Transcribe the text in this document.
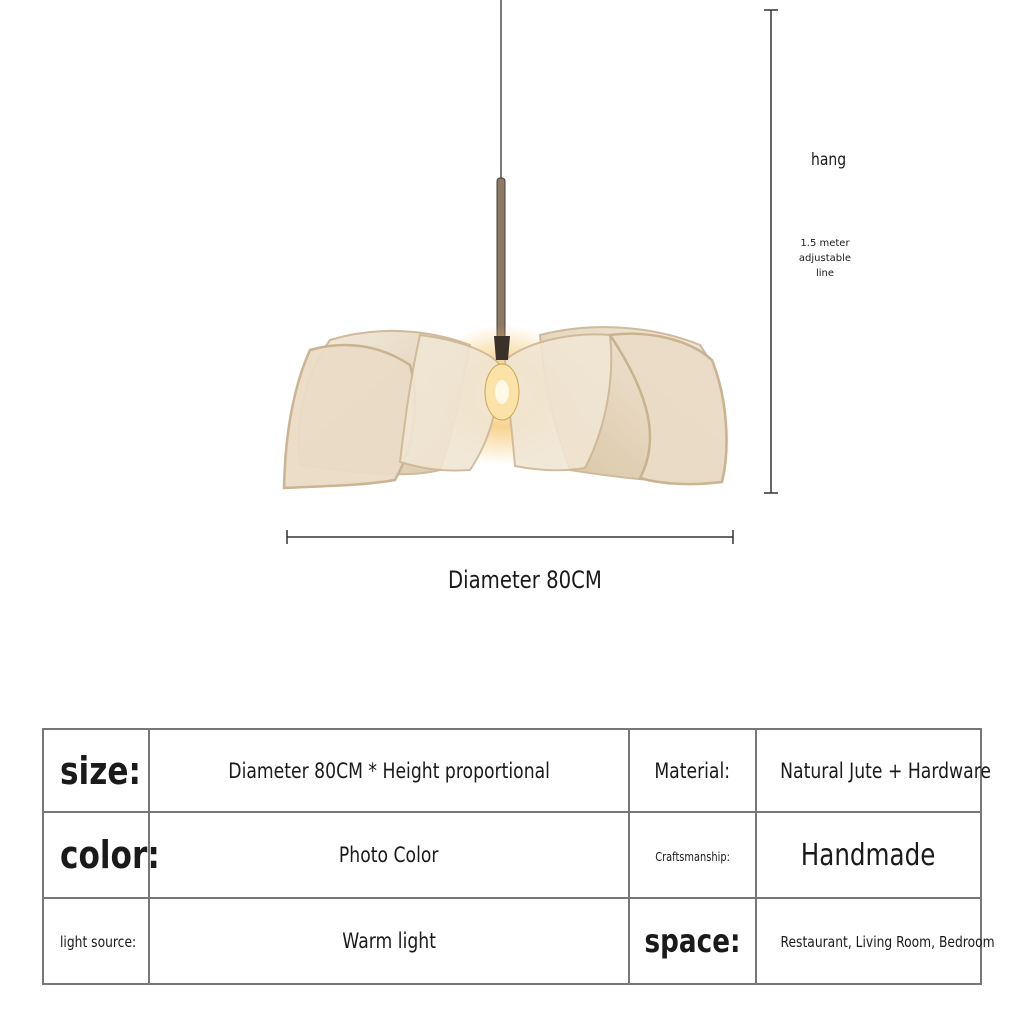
hang
1.5 meter
adjustable
line
Diameter 80CM
size:	Diameter 80CM * Height proportional	Material:	Natural Jute + Hardware

color:	Photo Color	Craftsmanship:	Handmade

light source:	Warm light	space:	Restaurant, Living Room, Bedroom
